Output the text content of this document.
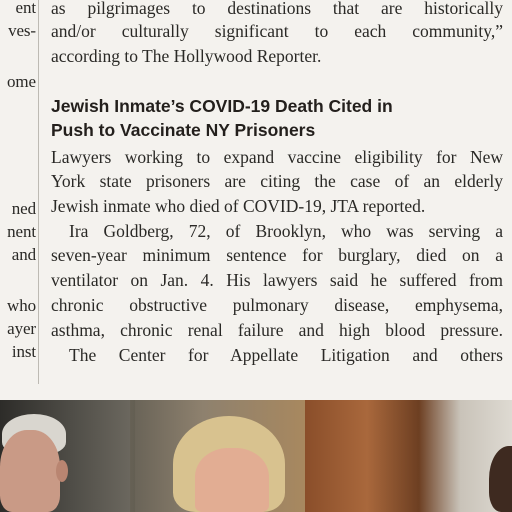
ent
ves-
ome
ned
nent
and
who
ayer
inst
as pilgrimages to destinations that are historically
and/or culturally significant to each community,”
according to The Hollywood Reporter.
Jewish Inmate’s COVID-19 Death Cited in
Push to Vaccinate NY Prisoners
Lawyers working to expand vaccine eligibility for New
York state prisoners are citing the case of an elderly
Jewish inmate who died of COVID-19, JTA reported.
Ira Goldberg, 72, of Brooklyn, who was serving a
seven-year minimum sentence for burglary, died on a
ventilator on Jan. 4. His lawyers said he suffered from
chronic obstructive pulmonary disease, emphysema,
asthma, chronic renal failure and high blood pressure.
The Center for Appellate Litigation and others
